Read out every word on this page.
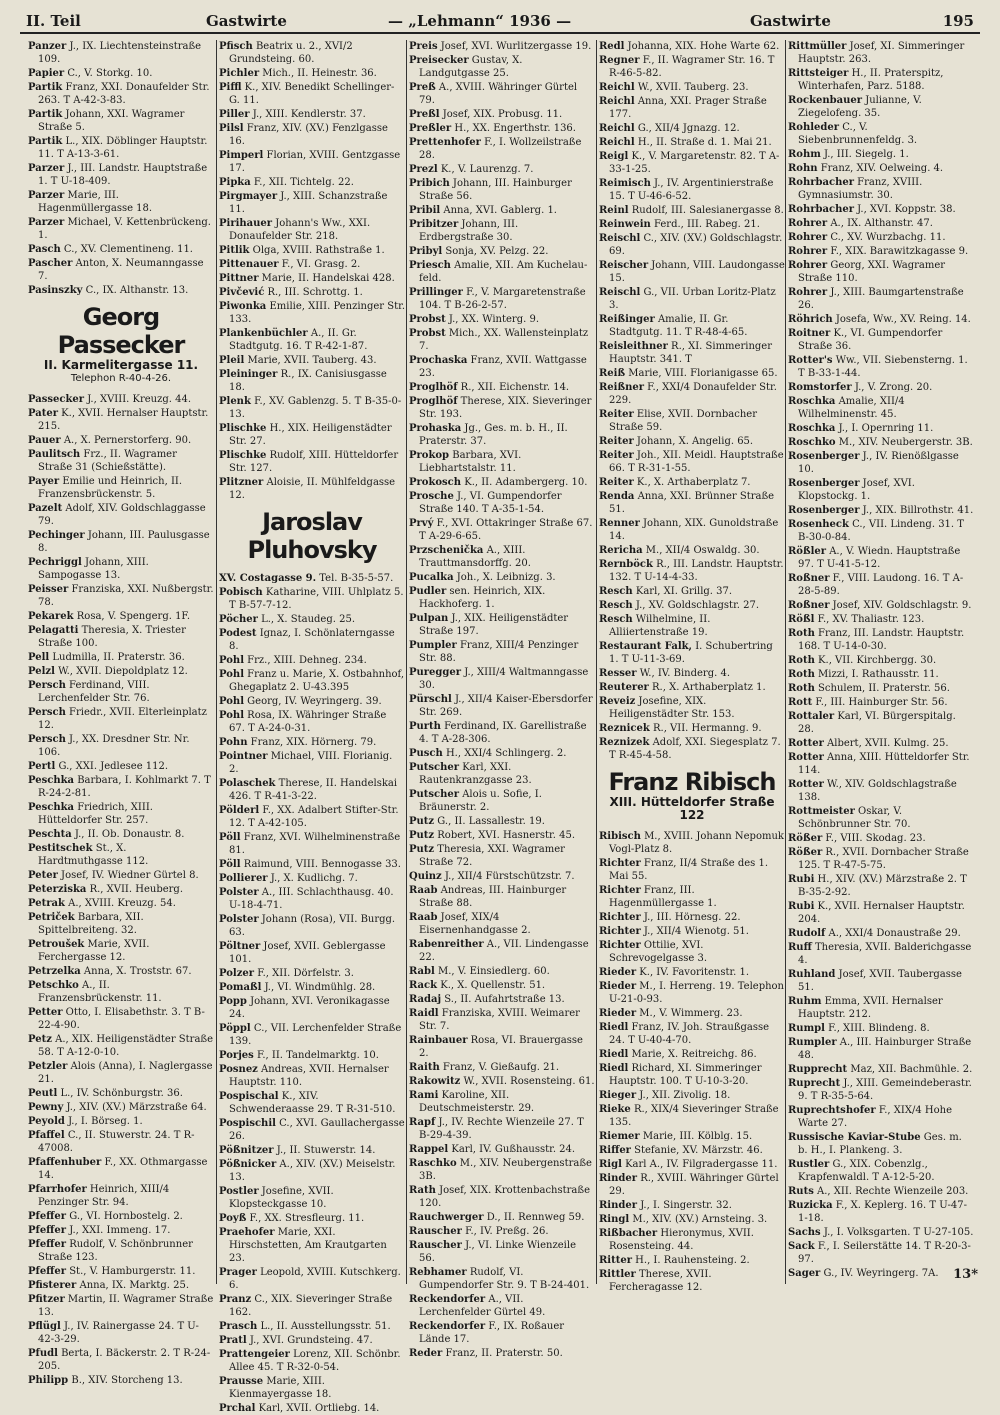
II. Teil	Gastwirte	— „Lehmann“ 1936 —	Gastwirte	195
Panzer J., IX. Liechtensteinstraße 109.
Papier C., V. Storkg. 10.
Partik Franz, XXI. Donaufelder Str. 263. T A-42-3-83.
Partik Johann, XXI. Wagramer Straße 5.
Partik L., XIX. Döblinger Hauptstr. 11. T A-13-3-61.
Parzer J., III. Landstr. Hauptstraße 1. T U-18-409.
Parzer Marie, III. Hagenmüllergasse 18.
Parzer Michael, V. Kettenbrückeng. 1.
Pasch C., XV. Clementineng. 11.
Pascher Anton, X. Neumanngasse 7.
Pasinszky C., IX. Althanstr. 13.
Georg Passecker
II. Karmelitergasse 11.
Telephon R-40-4-26.
Passecker J., XVIII. Kreuzg. 44.
Pater K., XVII. Hernalser Hauptstr. 215.
Pauer A., X. Pernerstorferg. 90.
Paulitsch Frz., II. Wagramer Straße 31 (Schießstätte).
Payer Emilie und Heinrich, II. Franzensbrückenstr. 5.
Pazelt Adolf, XIV. Goldschlaggasse 79.
Pechinger Johann, III. Paulusgasse 8.
Pechriggl Johann, XIII. Sampogasse 13.
Peisser Franziska, XXI. Nußbergstr. 78.
Pekarek Rosa, V. Spengerg. 1F.
Pelagatti Theresia, X. Triester Straße 100.
Pell Ludmilla, II. Praterstr. 36.
Pelzl W., XVII. Diepoldplatz 12.
Persch Ferdinand, VIII. Lerchenfelder Str. 76.
Persch Friedr., XVII. Elterleinplatz 12.
Persch J., XX. Dresdner Str. Nr. 106.
Pertl G., XXI. Jedlesee 112.
Peschka Barbara, I. Kohlmarkt 7. T R-24-2-81.
Peschka Friedrich, XIII. Hütteldorfer Str. 257.
Peschta J., II. Ob. Donaustr. 8.
Pestitschek St., X. Hardtmuthgasse 112.
Peter Josef, IV. Wiedner Gürtel 8.
Peterziska R., XVII. Heuberg.
Petrak A., XVIII. Kreuzg. 54.
Petriček Barbara, XII. Spittelbreiteng. 32.
Petroušek Marie, XVII. Ferchergasse 12.
Petrzelka Anna, X. Troststr. 67.
Petschko A., II. Franzensbrückenstr. 11.
Petter Otto, I. Elisabethstr. 3. T B-22-4-90.
Petz A., XIX. Heiligenstädter Straße 58. T A-12-0-10.
Petzler Alois (Anna), I. Naglergasse 21.
Peutl L., IV. Schönburgstr. 36.
Pewny J., XIV. (XV.) Märzstraße 64.
Peyold J., I. Börseg. 1.
Pfaffel C., II. Stuwerstr. 24. T R-47008.
Pfaffenhuber F., XX. Othmargasse 14.
Pfarrhofer Heinrich, XIII/4 Penzinger Str. 94.
Pfeffer G., VI. Hornbostelg. 2.
Pfeffer J., XXI. Immeng. 17.
Pfeffer Rudolf, V. Schönbrunner Straße 123.
Pfeffer St., V. Hamburgerstr. 11.
Pfisterer Anna, IX. Marktg. 25.
Pfitzer Martin, II. Wagramer Straße 13.
Pflügl J., IV. Rainergasse 24. T U-42-3-29.
Pfudl Berta, I. Bäckerstr. 2. T R-24-205.
Philipp B., XIV. Storcheng 13.
Pfisch Beatrix u. 2., XVI/2 Grundsteing. 60.
Pichler Mich., II. Heinestr. 36.
Piffl K., XIV. Benedikt Schellinger-G. 11.
Piller J., XIII. Kendlerstr. 37.
Pilsl Franz, XIV. (XV.) Fenzlgasse 16.
Pimperl Florian, XVIII. Gentzgasse 17.
Pipka F., XII. Tichtelg. 22.
Pirgmayer J., XIII. Schanzstraße 11.
Pirihauer Johann's Ww., XXI. Donaufelder Str. 218.
Pitlik Olga, XVIII. Rathstraße 1.
Pittenauer F., VI. Grasg. 2.
Pittner Marie, II. Handelskai 428.
Pivčević R., III. Schrottg. 1.
Piwonka Emilie, XIII. Penzinger Str. 133.
Plankenbüchler A., II. Gr. Stadtgutg. 16. T R-42-1-87.
Pleil Marie, XVII. Tauberg. 43.
Pleininger R., IX. Canisiusgasse 18.
Plenk F., XV. Gablenzg. 5. T B-35-0-13.
Plischke H., XIX. Heiligenstädter Str. 27.
Plischke Rudolf, XIII. Hütteldorfer Str. 127.
Plitzner Aloisie, II. Mühlfeldgasse 12.
Jaroslav Pluhovsky
XV. Costagasse 9. Tel. B-35-5-57.
Pobisch Katharine, VIII. Uhlplatz 5. T B-57-7-12.
Pöcher L., X. Staudeg. 25.
Podest Ignaz, I. Schönlaterngasse 8.
Pohl Frz., XIII. Dehneg. 234.
Pohl Franz u. Marie, X. Ostbahnhof, Ghegaplatz 2. U-43.395
Pohl Georg, IV. Weyringerg. 39.
Pohl Rosa, IX. Währinger Straße 67. T A-24-0-31.
Pohn Franz, XIX. Hörnerg. 79.
Pointner Michael, VIII. Florianig. 2.
Polaschek Therese, II. Handelskai 426. T R-41-3-22.
Pölderl F., XX. Adalbert Stifter-Str. 12. T A-42-105.
Pöll Franz, XVI. Wilhelminenstraße 81.
Pöll Raimund, VIII. Bennogasse 33.
Pollierer J., X. Kudlichg. 7.
Polster A., III. Schlachthausg. 40. U-18-4-71.
Polster Johann (Rosa), VII. Burgg. 63.
Pöltner Josef, XVII. Geblergasse 101.
Polzer F., XII. Dörfelstr. 3.
Pomaßl J., VI. Windmühlg. 28.
Popp Johann, XVI. Veronikagasse 24.
Pöppl C., VII. Lerchenfelder Straße 139.
Porjes F., II. Tandelmarktg. 10.
Posnez Andreas, XVII. Hernalser Hauptstr. 110.
Pospischal K., XIV. Schwenderaasse 29. T R-31-510.
Pospischil C., XVI. Gaullachergasse 26.
Pößnitzer J., II. Stuwerstr. 14.
Pößnicker A., XIV. (XV.) Meiselstr. 13.
Postler Josefine, XVII. Klopsteckgasse 10.
Poyß F., XX. Stresfleurg. 11.
Praehofer Marie, XXI. Hirschstetten, Am Krautgarten 23.
Prager Leopold, XVIII. Kutschkerg. 6.
Pranz C., XIX. Sieveringer Straße 162.
Prasch L., II. Ausstellungsstr. 51.
Pratl J., XVI. Grundsteing. 47.
Prattengeier Lorenz, XII. Schönbr. Allee 45. T R-32-0-54.
Prausse Marie, XIII. Kienmayergasse 18.
Prchal Karl, XVII. Ortliebg. 14.
Preis Josef, XVI. Wurlitzergasse 19.
Preisecker Gustav, X. Landgutgasse 25.
Preß A., XVIII. Währinger Gürtel 79.
Preßl Josef, XIX. Probusg. 11.
Preßler H., XX. Engerthstr. 136.
Prettenhofer F., I. Wollzeilstraße 28.
Prezl K., V. Laurenzg. 7.
Pribich Johann, III. Hainburger Straße 56.
Pribil Anna, XVI. Gablerg. 1.
Pribitzer Johann, III. Erdbergstraße 30.
Pribyl Sonja, XV. Pelzg. 22.
Priesch Amalie, XII. Am Kuchelau-feld.
Prillinger F., V. Margaretenstraße 104. T B-26-2-57.
Probst J., XX. Winterg. 9.
Probst Mich., XX. Wallensteinplatz 7.
Prochaska Franz, XVII. Wattgasse 23.
Proglhöf R., XII. Eichenstr. 14.
Proglhöf Therese, XIX. Sieveringer Str. 193.
Prohaska Jg., Ges. m. b. H., II. Praterstr. 37.
Prokop Barbara, XVI. Liebhartstalstr. 11.
Prokosch K., II. Adambergerg. 10.
Prosche J., VI. Gumpendorfer Straße 140. T A-35-1-54.
Prvý F., XVI. Ottakringer Straße 67. T A-29-6-65.
Przschenička A., XIII. Trauttmansdorffg. 20.
Pucalka Joh., X. Leibnizg. 3.
Pudler sen. Heinrich, XIX. Hackhoferg. 1.
Pulpan J., XIX. Heiligenstädter Straße 197.
Pumpler Franz, XIII/4 Penzinger Str. 88.
Puregger J., XIII/4 Waltmanngasse 30.
Pürschl J., XII/4 Kaiser-Ebersdorfer Str. 269.
Purth Ferdinand, IX. Garellistraße 4. T A-28-306.
Pusch H., XXI/4 Schlingerg. 2.
Putscher Karl, XXI. Rautenkranzgasse 23.
Putscher Alois u. Sofie, I. Bräunerstr. 2.
Putz G., II. Lassallestr. 19.
Putz Robert, XVI. Hasnerstr. 45.
Putz Theresia, XXI. Wagramer Straße 72.
Quinz J., XII/4 Fürstschützstr. 7.
Raab Andreas, III. Hainburger Straße 88.
Raab Josef, XIX/4 Eisernenhandgasse 2.
Rabenreither A., VII. Lindengasse 22.
Rabl M., V. Einsiedlerg. 60.
Rack K., X. Quellenstr. 51.
Radaj S., II. Aufahrtstraße 13.
Raidl Franziska, XVIII. Weimarer Str. 7.
Rainbauer Rosa, VI. Brauergasse 2.
Raith Franz, V. Gießaufg. 21.
Rakowitz W., XVII. Rosensteing. 61.
Rami Karoline, XII. Deutschmeisterstr. 29.
Rapf J., IV. Rechte Wienzeile 27. T B-29-4-39.
Rappel Karl, IV. Gußhausstr. 24.
Raschko M., XIV. Neubergenstraße 3B.
Rath Josef, XIX. Krottenbachstraße 120.
Rauchwerger D., II. Rennweg 59.
Rauscher F., IV. Preßg. 26.
Rauscher J., VI. Linke Wienzeile 56.
Rebhamer Rudolf, VI. Gumpendorfer Str. 9. T B-24-401.
Reckendorfer A., VII. Lerchenfelder Gürtel 49.
Reckendorfer F., IX. Roßauer Lände 17.
Reder Franz, II. Praterstr. 50.
Redl Johanna, XIX. Hohe Warte 62.
Regner F., II. Wagramer Str. 16. T R-46-5-82.
Reichl W., XVII. Tauberg. 23.
Reichl Anna, XXI. Prager Straße 177.
Reichl G., XII/4 Jgnazg. 12.
Reichl H., II. Straße d. 1. Mai 21.
Reigl K., V. Margaretenstr. 82. T A-33-1-25.
Reimisch J., IV. Argentinierstraße 15. T U-46-6-52.
Reinl Rudolf, III. Salesianergasse 8.
Reinwein Ferd., III. Rabeg. 21.
Reischl C., XIV. (XV.) Goldschlagstr. 69.
Reischer Johann, VIII. Laudongasse 15.
Reischl G., VII. Urban Loritz-Platz 3.
Reißinger Amalie, II. Gr. Stadtgutg. 11. T R-48-4-65.
Reisleithner R., XI. Simmeringer Hauptstr. 341. T
Reiß Marie, VIII. Florianigasse 65.
Reißner F., XXI/4 Donaufelder Str. 229.
Reiter Elise, XVII. Dornbacher Straße 59.
Reiter Johann, X. Angelig. 65.
Reiter Joh., XII. Meidl. Hauptstraße 66. T R-31-1-55.
Reiter K., X. Arthaberplatz 7.
Renda Anna, XXI. Brünner Straße 51.
Renner Johann, XIX. Gunoldstraße 14.
Rericha M., XII/4 Oswaldg. 30.
Rernböck R., III. Landstr. Hauptstr. 132. T U-14-4-33.
Resch Karl, XI. Grillg. 37.
Resch J., XV. Goldschlagstr. 27.
Resch Wilhelmine, II. Alliiertenstraße 19.
Restaurant Falk, I. Schubertring 1. T U-11-3-69.
Resser W., IV. Binderg. 4.
Reuterer R., X. Arthaberplatz 1.
Reveiz Josefine, XIX. Heiligenstädter Str. 153.
Reznicek R., VII. Hermanng. 9.
Reznizek Adolf, XXI. Siegesplatz 7. T R-45-4-58.
Franz Ribisch
XIII. Hütteldorfer Straße 122
Ribisch M., XVIII. Johann Nepomuk Vogl-Platz 8.
Richter Franz, II/4 Straße des 1. Mai 55.
Richter Franz, III. Hagenmüllergasse 1.
Richter J., III. Hörnesg. 22.
Richter J., XII/4 Wienotg. 51.
Richter Ottilie, XVI. Schrevogelgasse 3.
Rieder K., IV. Favoritenstr. 1.
Rieder M., I. Herreng. 19. Telephon U-21-0-93.
Rieder M., V. Wimmerg. 23.
Riedl Franz, IV. Joh. Straußgasse 24. T U-40-4-70.
Riedl Marie, X. Reitreichg. 86.
Riedl Richard, XI. Simmeringer Hauptstr. 100. T U-10-3-20.
Rieger J., XII. Zivolig. 18.
Rieke R., XIX/4 Sieveringer Straße 135.
Riemer Marie, III. Kölblg. 15.
Riffer Stefanie, XV. Märzstr. 46.
Rigl Karl A., IV. Filgradergasse 11.
Rinder R., XVIII. Währinger Gürtel 29.
Rinder J., I. Singerstr. 32.
Ringl M., XIV. (XV.) Arnsteing. 3.
Rißbacher Hieronymus, XVII. Rosensteing. 44.
Ritter H., I. Rauhensteing. 2.
Rittler Therese, XVII. Fercheragasse 12.
Rittmüller Josef, XI. Simmeringer Hauptstr. 263.
Rittsteiger H., II. Praterspitz, Winterhafen, Parz. 5188.
Rockenbauer Julianne, V. Ziegelofeng. 35.
Rohleder C., V. Siebenbrunnenfeldg. 3.
Rohm J., III. Siegelg. 1.
Rohn Franz, XIV. Oelweing. 4.
Rohrbacher Franz, XVIII. Gymnasiumstr. 30.
Rohrbacher J., XVI. Koppstr. 38.
Rohrer A., IX. Althanstr. 47.
Rohrer C., XV. Wurzbachg. 11.
Rohrer F., XIX. Barawitzkagasse 9.
Rohrer Georg, XXI. Wagramer Straße 110.
Rohrer J., XIII. Baumgartenstraße 26.
Röhrich Josefa, Ww., XV. Reing. 14.
Roitner K., VI. Gumpendorfer Straße 36.
Rotter's Ww., VII. Siebensterng. 1. T B-33-1-44.
Romstorfer J., V. Zrong. 20.
Roschka Amalie, XII/4 Wilhelminenstr. 45.
Roschka J., I. Opernring 11.
Roschko M., XIV. Neubergerstr. 3B.
Rosenberger J., IV. Rienößlgasse 10.
Rosenberger Josef, XVI. Klopstockg. 1.
Rosenberger J., XIX. Billrothstr. 41.
Rosenheck C., VII. Lindeng. 31. T B-30-0-84.
Rößler A., V. Wiedn. Hauptstraße 97. T U-41-5-12.
Roßner F., VIII. Laudong. 16. T A-28-5-89.
Roßner Josef, XIV. Goldschlagstr. 9.
Rößl F., XV. Thaliastr. 123.
Roth Franz, III. Landstr. Hauptstr. 168. T U-14-0-30.
Roth K., VII. Kirchbergg. 30.
Roth Mizzi, I. Rathausstr. 11.
Roth Schulem, II. Praterstr. 56.
Rott F., III. Hainburger Str. 56.
Rottaler Karl, VI. Bürgerspitalg. 28.
Rotter Albert, XVII. Kulmg. 25.
Rotter Anna, XIII. Hütteldorfer Str. 114.
Rotter W., XIV. Goldschlagstraße 138.
Rottmeister Oskar, V. Schönbrunner Str. 70.
Rößer F., VIII. Skodag. 23.
Rößer R., XVII. Dornbacher Straße 125. T R-47-5-75.
Rubi H., XIV. (XV.) Märzstraße 2. T B-35-2-92.
Rubi K., XVII. Hernalser Hauptstr. 204.
Rudolf A., XXI/4 Donaustraße 29.
Ruff Theresia, XVII. Balderichgasse 4.
Ruhland Josef, XVII. Taubergasse 51.
Ruhm Emma, XVII. Hernalser Hauptstr. 212.
Rumpl F., XIII. Blindeng. 8.
Rumpler A., III. Hainburger Straße 48.
Rupprecht Maz, XII. Bachmühle. 2.
Ruprecht J., XIII. Gemeindeberastr. 9. T R-35-5-64.
Ruprechtshofer F., XIX/4 Hohe Warte 27.
Russische Kaviar-Stube Ges. m. b. H., I. Plankeng. 3.
Rustler G., XIX. Cobenzlg., Krapfenwaldl. T A-12-5-20.
Ruts A., XII. Rechte Wienzeile 203.
Ruzicka F., X. Keplerg. 16. T U-47-1-18.
Sachs J., I. Volksgarten. T U-27-105.
Sack F., I. Seilerstätte 14. T R-20-3-97.
Sager G., IV. Weyringerg. 7A.	13*
